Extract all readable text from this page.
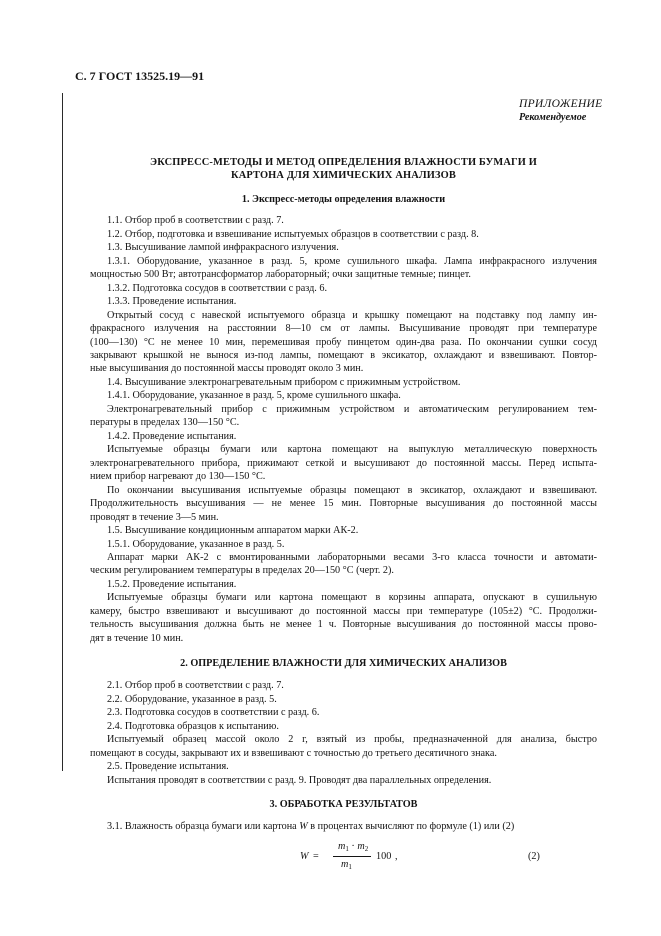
С. 7 ГОСТ 13525.19—91
ПРИЛОЖЕНИЕ
Рекомендуемое
ЭКСПРЕСС-МЕТОДЫ И МЕТОД ОПРЕДЕЛЕНИЯ ВЛАЖНОСТИ БУМАГИ И
КАРТОНА ДЛЯ ХИМИЧЕСКИХ АНАЛИЗОВ
1. Экспресс-методы определения влажности
1.1. Отбор проб в соответствии с разд. 7.
1.2. Отбор, подготовка и взвешивание испытуемых образцов в соответствии с разд. 8.
1.3. Высушивание лампой инфракрасного излучения.
1.3.1. Оборудование, указанное в разд. 5, кроме сушильного шкафа. Лампа инфракрасного излучения
мощностью 500 Вт; автотрансформатор лабораторный; очки защитные темные; пинцет.
1.3.2. Подготовка сосудов в соответствии с разд. 6.
1.3.3. Проведение испытания.
Открытый сосуд с навеской испытуемого образца и крышку помещают на подставку под лампу ин-
фракрасного излучения на расстоянии 8—10 см от лампы. Высушивание проводят при температуре
(100—130) °С не менее 10 мин, перемешивая пробу пинцетом один-два раза. По окончании сушки сосуд
закрывают крышкой не вынося из-под лампы, помещают в эксикатор, охлаждают и взвешивают. Повтор-
ные высушивания до постоянной массы проводят около 3 мин.
1.4. Высушивание электронагревательным прибором с прижимным устройством.
1.4.1. Оборудование, указанное в разд. 5, кроме сушильного шкафа.
Электронагревательный прибор с прижимным устройством и автоматическим регулированием тем-
пературы в пределах 130—150 °С.
1.4.2. Проведение испытания.
Испытуемые образцы бумаги или картона помещают на выпуклую металлическую поверхность
электронагревательного прибора, прижимают сеткой и высушивают до постоянной массы. Перед испыта-
нием прибор нагревают до 130—150 °С.
По окончании высушивания испытуемые образцы помещают в эксикатор, охлаждают и взвешивают.
Продолжительность высушивания — не менее 15 мин. Повторные высушивания до постоянной массы
проводят в течение 3—5 мин.
1.5. Высушивание кондиционным аппаратом марки АК-2.
1.5.1. Оборудование, указанное в разд. 5.
Аппарат марки АК-2 с вмонтированными лабораторными весами 3-го класса точности и автомати-
ческим регулированием температуры в пределах 20—150 °С (черт. 2).
1.5.2. Проведение испытания.
Испытуемые образцы бумаги или картона помещают в корзины аппарата, опускают в сушильную
камеру, быстро взвешивают и высушивают до постоянной массы при температуре (105±2) °С. Продолжи-
тельность высушивания должна быть не менее 1 ч. Повторные высушивания до постоянной массы прово-
дят в течение 10 мин.
2. ОПРЕДЕЛЕНИЕ ВЛАЖНОСТИ ДЛЯ ХИМИЧЕСКИХ АНАЛИЗОВ
2.1. Отбор проб в соответствии с разд. 7.
2.2. Оборудование, указанное в разд. 5.
2.3. Подготовка сосудов в соответствии с разд. 6.
2.4. Подготовка образцов к испытанию.
Испытуемый образец массой около 2 г, взятый из пробы, предназначенной для анализа, быстро
помещают в сосуды, закрывают их и взвешивают с точностью до третьего десятичного знака.
2.5. Проведение испытания.
Испытания проводят в соответствии с разд. 9. Проводят два параллельных определения.
3. ОБРАБОТКА РЕЗУЛЬТАТОВ
3.1. Влажность образца бумаги или картона W в процентах вычисляют по формуле (1) или (2)
W =
m1 · m2
m1
100 ,	(2)
